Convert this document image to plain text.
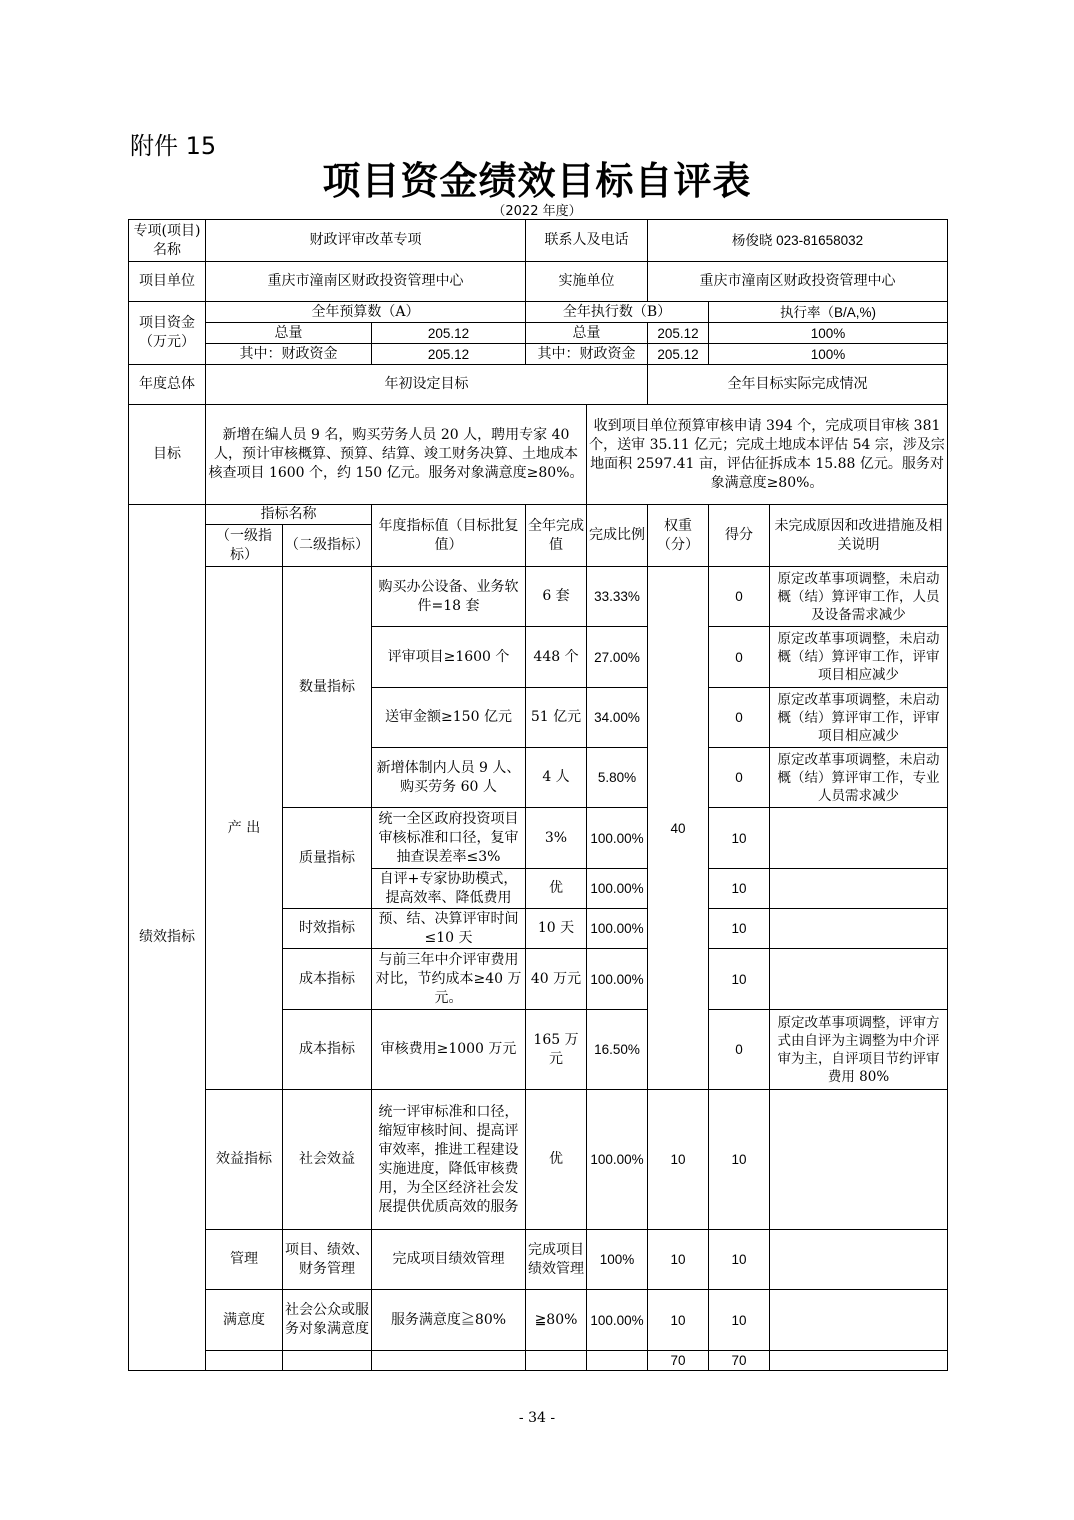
附件 15
项目资金绩效目标自评表
（2022 年度）
专项(项目)名称	财政评审改革专项			联系人及电话		杨俊晓 023-81658032		
项目单位	重庆市潼南区财政投资管理中心			实施单位		重庆市潼南区财政投资管理中心		
项目资金（万元）	全年预算数（A）			全年执行数（B）			执行率（B/A,%)	
	总量		205.12	总量		205.12	100%	
	其中：财政资金		205.12	其中：财政资金		205.12	100%	
年度总体	年初设定目标					全年目标实际完成情况		
目标	新增在编人员 9 名，购买劳务人员 20 人，聘用专家 40 人，预计审核概算、预算、结算、竣工财务决算、土地成本核查项目 1600 个，约 150 亿元。服务对象满意度≥80%。				收到项目单位预算审核申请 394 个，完成项目审核 381 个，送审 35.11 亿元；完成土地成本评估 54 宗，涉及宗地面积 2597.41 亩，评估征拆成本 15.88 亿元。服务对象满意度≥80%。			
绩效指标	指标名称		年度指标值（目标批复值）	全年完成值	完成比例	权重（分）	得分	未完成原因和改进措施及相关说明
	（一级指标）	（二级指标）						
	产 出	数量指标	购买办公设备、业务软件=18 套	6 套	33.33%	40	0	原定改革事项调整，未启动概（结）算评审工作，人员及设备需求减少
			评审项目≥1600 个	448 个	27.00%		0	原定改革事项调整，未启动概（结）算评审工作，评审项目相应减少
			送审金额≥150 亿元	51 亿元	34.00%		0	原定改革事项调整，未启动概（结）算评审工作，评审项目相应减少
			新增体制内人员 9 人、购买劳务 60 人	4 人	5.80%		0	原定改革事项调整，未启动概（结）算评审工作，专业人员需求减少
		质量指标	统一全区政府投资项目审核标准和口径，复审抽查误差率≤3%	3%	100.00%		10	
			自评+专家协助模式，提高效率、降低费用	优	100.00%		10	
		时效指标	预、结、决算评审时间≤10 天	10 天	100.00%		10	
		成本指标	与前三年中介评审费用对比，节约成本≥40 万元。	40 万元	100.00%		10	
		成本指标	审核费用≥1000 万元	165 万元	16.50%		0	原定改革事项调整，评审方式由自评为主调整为中介评审为主，自评项目节约评审费用 80%
	效益指标	社会效益	统一评审标准和口径，缩短审核时间、提高评审效率，推进工程建设实施进度，降低审核费用，为全区经济社会发展提供优质高效的服务	优	100.00%	10	10	
	管理	项目、绩效、财务管理	完成项目绩效管理	完成项目绩效管理	100%	10	10	
	满意度	社会公众或服务对象满意度	服务满意度≧80%	≧80%	100.00%	10	10	
						70	70	
- 34 -
